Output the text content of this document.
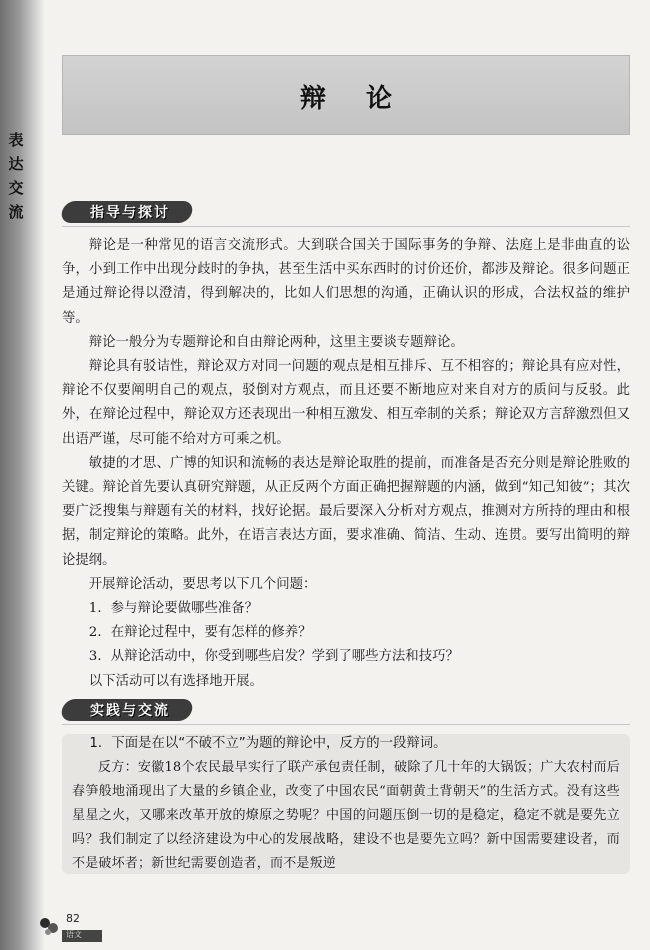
表
达
交
流
辩论
指导与探讨

辩论是一种常见的语言交流形式。大到联合国关于国际事务的争辩、法庭上是非曲直的讼争，小到工作中出现分歧时的争执，甚至生活中买东西时的讨价还价，都涉及辩论。很多问题正是通过辩论得以澄清，得到解决的，比如人们思想的沟通，正确认识的形成，合法权益的维护等。

辩论一般分为专题辩论和自由辩论两种，这里主要谈专题辩论。

辩论具有驳诘性，辩论双方对同一问题的观点是相互排斥、互不相容的；辩论具有应对性，辩论不仅要阐明自己的观点，驳倒对方观点，而且还要不断地应对来自对方的质问与反驳。此外，在辩论过程中，辩论双方还表现出一种相互激发、相互牵制的关系；辩论双方言辞激烈但又出语严谨，尽可能不给对方可乘之机。

敏捷的才思、广博的知识和流畅的表达是辩论取胜的提前，而准备是否充分则是辩论胜败的关键。辩论首先要认真研究辩题，从正反两个方面正确把握辩题的内涵，做到“知己知彼”；其次要广泛搜集与辩题有关的材料，找好论据。最后要深入分析对方观点，推测对方所持的理由和根据，制定辩论的策略。此外，在语言表达方面，要求准确、简洁、生动、连贯。要写出简明的辩论提纲。

开展辩论活动，要思考以下几个问题：

1．参与辩论要做哪些准备？

2．在辩论过程中，要有怎样的修养？

3．从辩论活动中，你受到哪些启发？学到了哪些方法和技巧？

以下活动可以有选择地开展。

实践与交流

1．下面是在以“不破不立”为题的辩论中，反方的一段辩词。

反方：安徽18个农民最早实行了联产承包责任制，破除了几十年的大锅饭；广大农村而后春笋般地涌现出了大量的乡镇企业，改变了中国农民“面朝黄土背朝天”的生活方式。没有这些星星之火，又哪来改革开放的燎原之势呢？中国的问题压倒一切的是稳定，稳定不就是要先立吗？我们制定了以经济建设为中心的发展战略，建设不也是要先立吗？新中国需要建设者，而不是破坏者；新世纪需要创造者，而不是叛逆

82
语文
